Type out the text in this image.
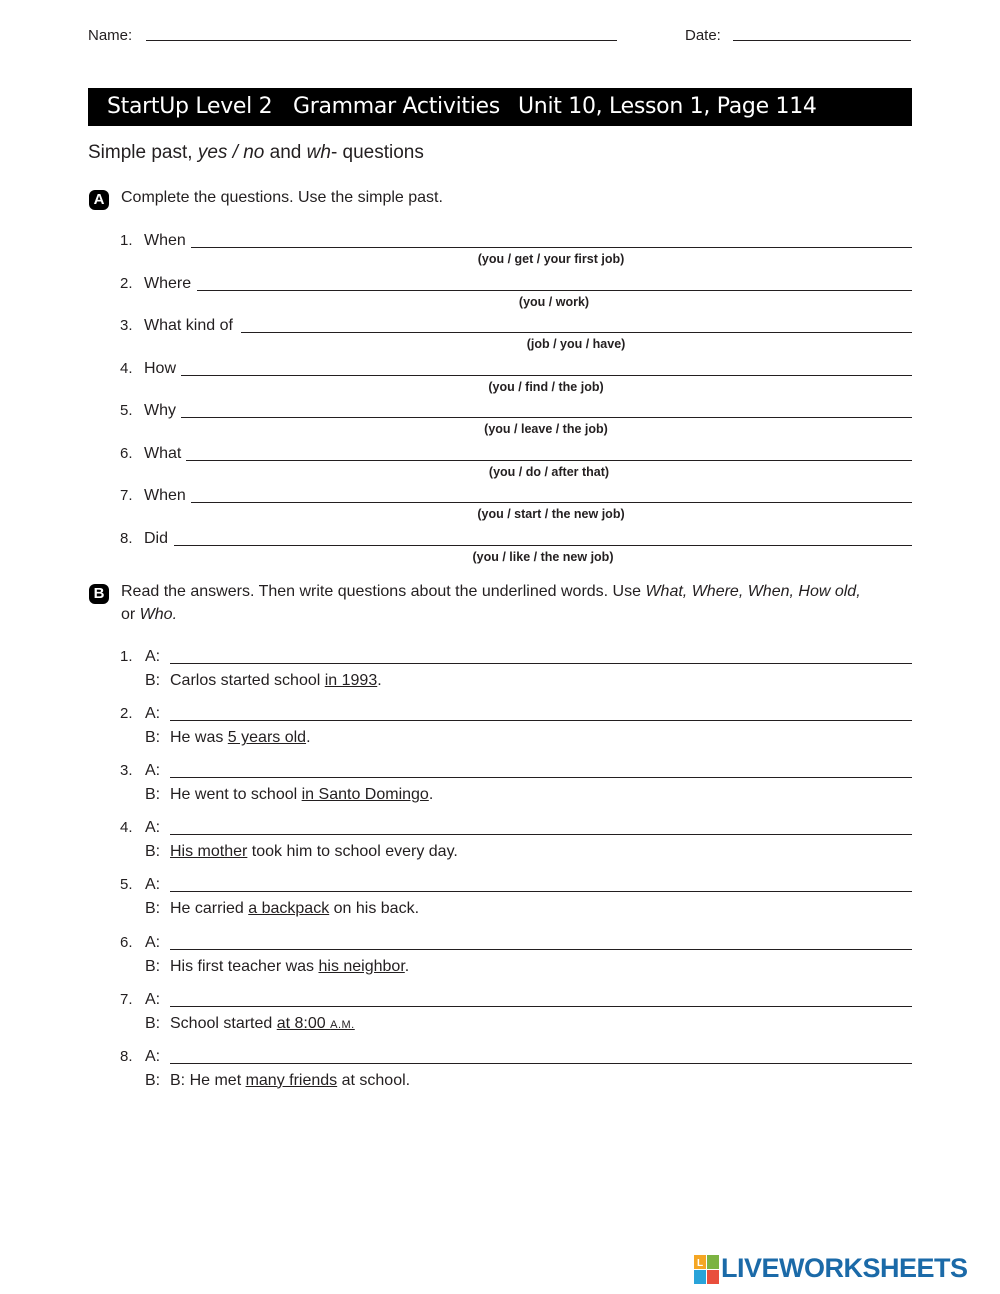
Name:	Date:
StartUp Level 2 Grammar Activities Unit 10, Lesson 1, Page 114
Simple past, yes / no and wh- questions
A Complete the questions. Use the simple past.
1. When
(you / get / your first job)
2. Where
(you / work)
3. What kind of
(job / you / have)
4. How
(you / find / the job)
5. Why
(you / leave / the job)
6. What
(you / do / after that)
7. When
(you / start / the new job)
8. Did
(you / like / the new job)
B Read the answers. Then write questions about the underlined words. Use What, Where, When, How old,
or Who.
1. A:
B: Carlos started school in 1993.
2. A:
B: He was 5 years old.
3. A:
B: He went to school in Santo Domingo.
4. A:
B: His mother took him to school every day.
5. A:
B: He carried a backpack on his back.
6. A:
B: His first teacher was his neighbor.
7. A:
B: School started at 8:00 A.M.
8. A:
B: B: He met many friends at school.
L LIVEWORKSHEETS
